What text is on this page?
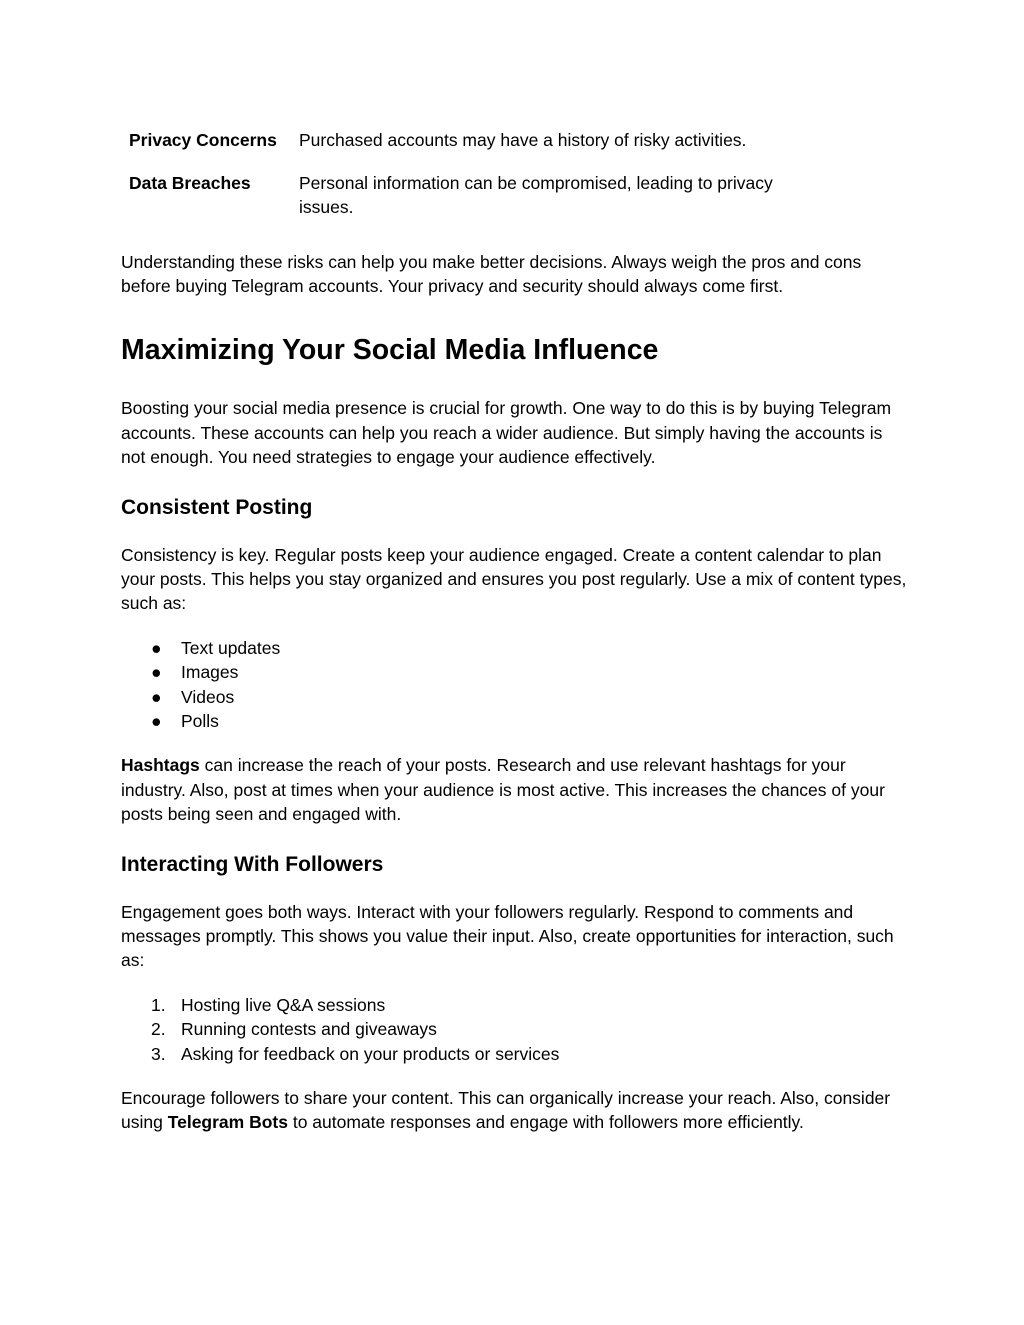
Privacy Concerns	Purchased accounts may have a history of risky activities.
Data Breaches	Personal information can be compromised, leading to privacy issues.

Understanding these risks can help you make better decisions. Always weigh the pros and cons before buying Telegram accounts. Your privacy and security should always come first.

Maximizing Your Social Media Influence

Boosting your social media presence is crucial for growth. One way to do this is by buying Telegram accounts. These accounts can help you reach a wider audience. But simply having the accounts is not enough. You need strategies to engage your audience effectively.

Consistent Posting

Consistency is key. Regular posts keep your audience engaged. Create a content calendar to plan your posts. This helps you stay organized and ensures you post regularly. Use a mix of content types, such as:

● Text updates
● Images
● Videos
● Polls

Hashtags can increase the reach of your posts. Research and use relevant hashtags for your industry. Also, post at times when your audience is most active. This increases the chances of your posts being seen and engaged with.

Interacting With Followers

Engagement goes both ways. Interact with your followers regularly. Respond to comments and messages promptly. This shows you value their input. Also, create opportunities for interaction, such as:

1. Hosting live Q&A sessions
2. Running contests and giveaways
3. Asking for feedback on your products or services

Encourage followers to share your content. This can organically increase your reach. Also, consider using Telegram Bots to automate responses and engage with followers more efficiently.
